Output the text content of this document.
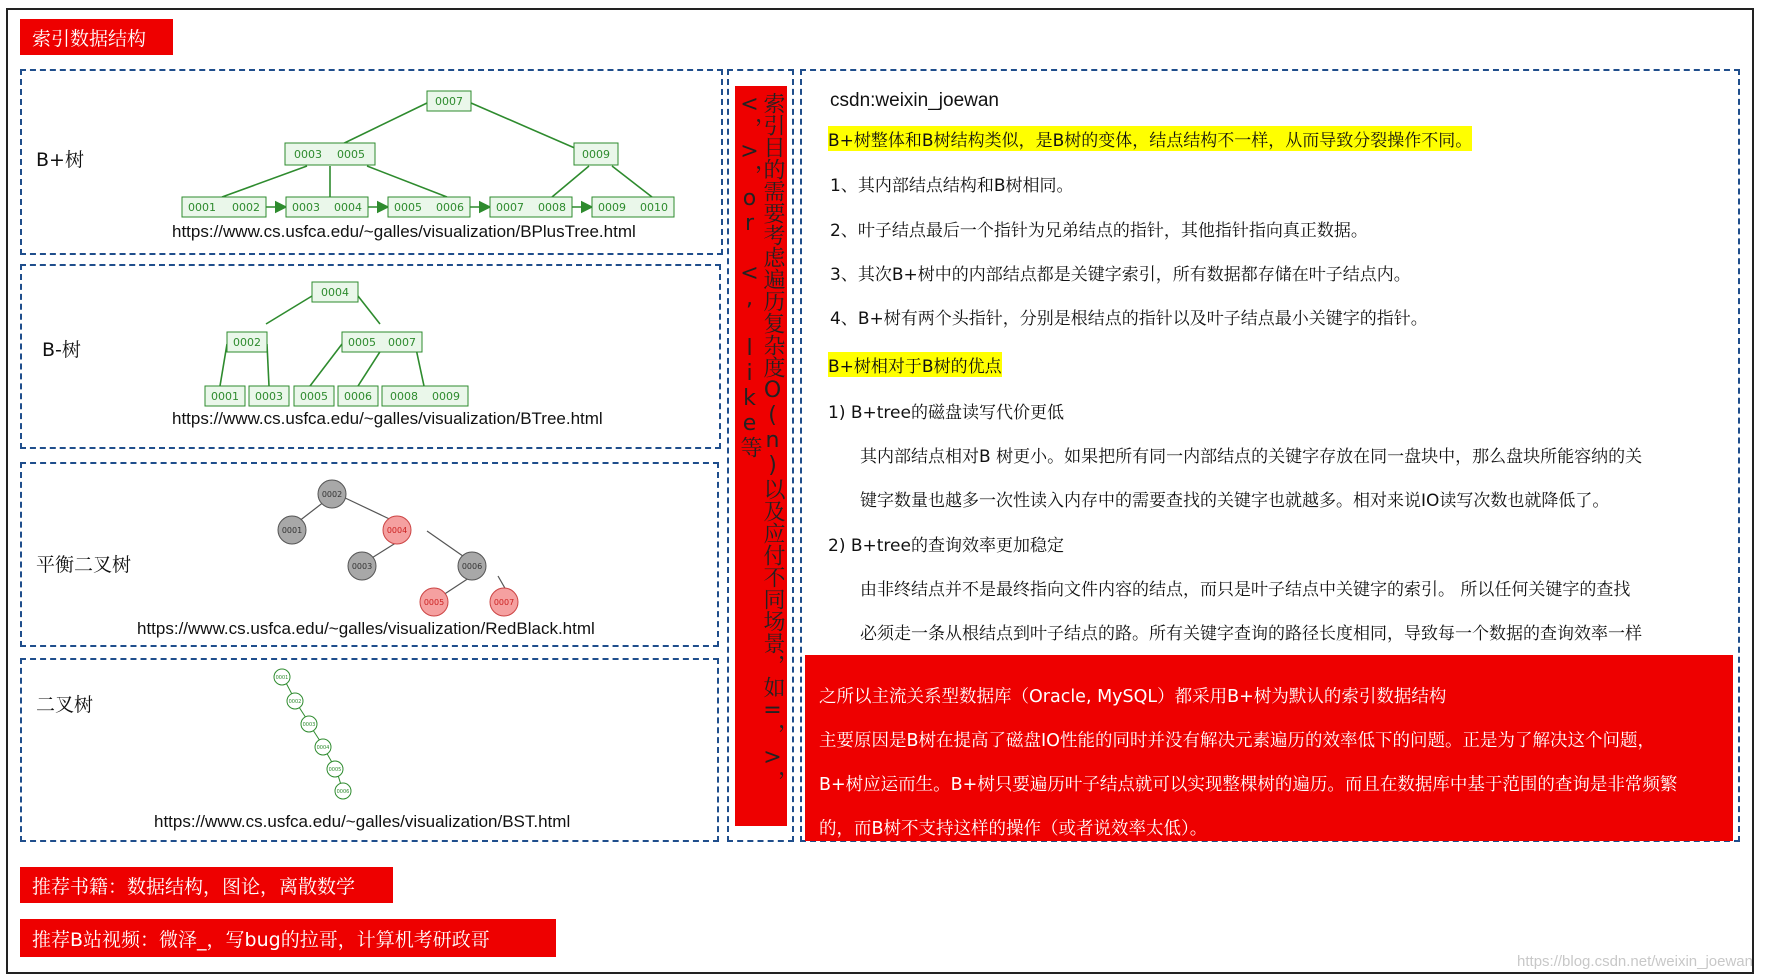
索引数据结构
B+树
0007
0003 0005	0009
0001 0002	0003 0004	0005 0006	0007 0008	0009 0010
https://www.cs.usfca.edu/~galles/visualization/BPlusTree.html
B-树
0004
0002	0005 0007
0001 0003 0005 0006 0008 0009
https://www.cs.usfca.edu/~galles/visualization/BTree.html
平衡二叉树
0002
0001	0004
0003	0006
0005	0007
https://www.cs.usfca.edu/~galles/visualization/RedBlack.html
二叉树
0001
0002
0003
0004
0005
0006
https://www.cs.usfca.edu/~galles/visualization/BST.html
索引目的需要考虑遍历复杂度O(n)以及应付不同场景，如=，>，<，>，or <, like等	csdn:weixin_joewan
B+树整体和B树结构类似，是B树的变体，结点结构不一样，从而导致分裂操作不同。
1、其内部结点结构和B树相同。
2、叶子结点最后一个指针为兄弟结点的指针，其他指针指向真正数据。
3、其次B+树中的内部结点都是关键字索引，所有数据都存储在叶子结点内。
4、B+树有两个头指针，分别是根结点的指针以及叶子结点最小关键字的指针。
B+树相对于B树的优点
1) B+tree的磁盘读写代价更低
其内部结点相对B 树更小。如果把所有同一内部结点的关键字存放在同一盘块中，那么盘块所能容纳的关
键字数量也越多一次性读入内存中的需要查找的关键字也就越多。相对来说IO读写次数也就降低了。
2) B+tree的查询效率更加稳定
由非终结点并不是最终指向文件内容的结点，而只是叶子结点中关键字的索引。 所以任何关键字的查找
必须走一条从根结点到叶子结点的路。所有关键字查询的路径长度相同，导致每一个数据的查询效率一样
之所以主流关系型数据库（Oracle, MySQL）都采用B+树为默认的索引数据结构
主要原因是B树在提高了磁盘IO性能的同时并没有解决元素遍历的效率低下的问题。正是为了解决这个问题，
B+树应运而生。B+树只要遍历叶子结点就可以实现整棵树的遍历。而且在数据库中基于范围的查询是非常频繁
的，而B树不支持这样的操作（或者说效率太低）。
推荐书籍：数据结构，图论，离散数学
推荐B站视频：微泽_，写bug的拉哥，计算机考研政哥
https://blog.csdn.net/weixin_joewan
